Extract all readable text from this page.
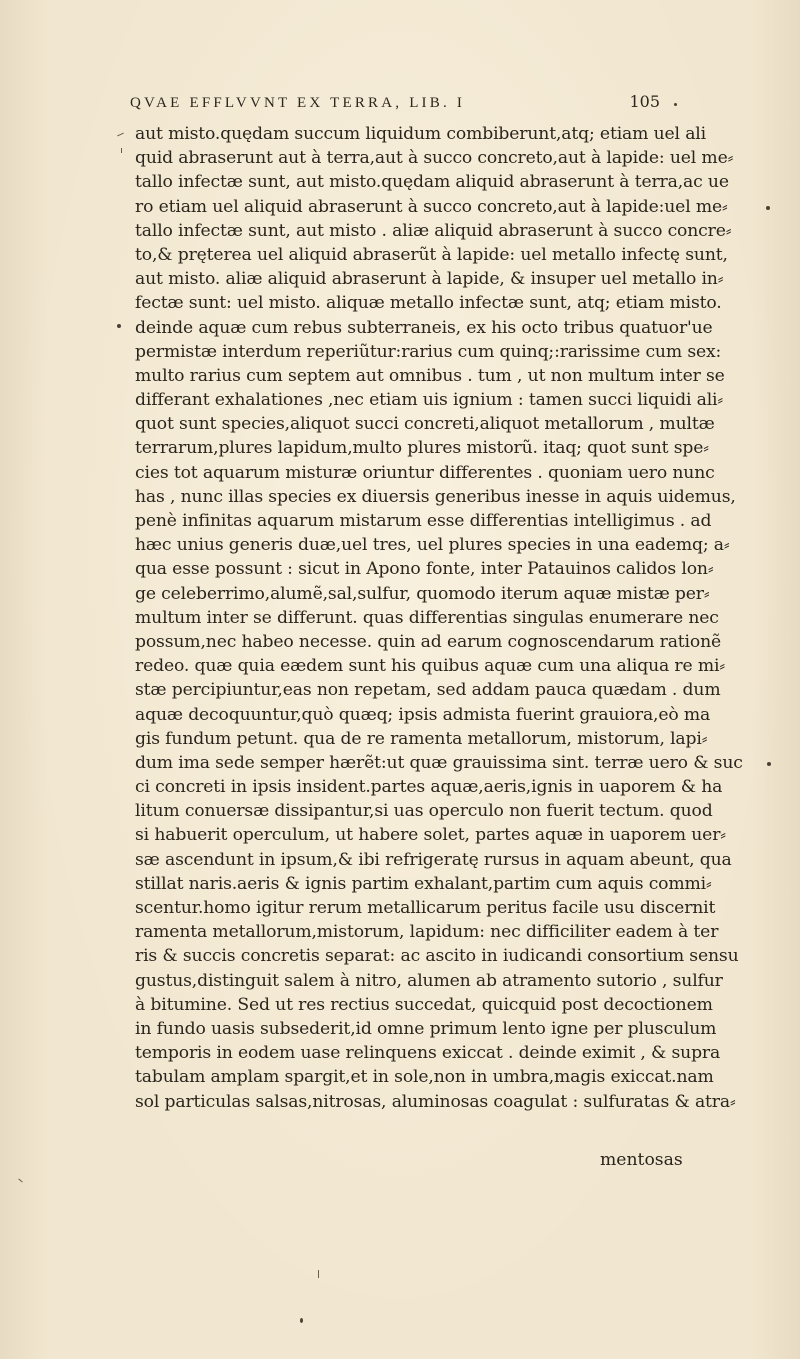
QVAE EFFLVVNT EX TERRA, LIB. I	105
aut misto.quędam succum liquidum combiberunt,atq; etiam uel ali
quid abraserunt aut à terra,aut à succo concreto,aut à lapide: uel me⸗
tallo infectæ sunt, aut misto.quędam aliquid abraserunt à terra,ac ue
ro etiam uel aliquid abraserunt à succo concreto,aut à lapide:uel me⸗
tallo infectæ sunt, aut misto . aliæ aliquid abraserunt à succo concre⸗
to,& pręterea uel aliquid abraserũt à lapide: uel metallo infectę sunt,
aut misto. aliæ aliquid abraserunt à lapide, & insuper uel metallo in⸗
fectæ sunt: uel misto. aliquæ metallo infectæ sunt, atq; etiam misto.
deinde aquæ cum rebus subterraneis, ex his octo tribus quatuor'ue
permistæ interdum reperiũtur:rarius cum quinq;:rarissime cum sex:
multo rarius cum septem aut omnibus . tum , ut non multum inter se
differant exhalationes ,nec etiam uis ignium : tamen succi liquidi ali⸗
quot sunt species,aliquot succi concreti,aliquot metallorum , multæ
terrarum,plures lapidum,multo plures mistorũ. itaq; quot sunt spe⸗
cies tot aquarum misturæ oriuntur differentes . quoniam uero nunc
has , nunc illas species ex diuersis generibus inesse in aquis uidemus,
penè infinitas aquarum mistarum esse differentias intelligimus . ad
hæc unius generis duæ,uel tres, uel plures species in una eademq; a⸗
qua esse possunt : sicut in Apono fonte, inter Patauinos calidos lon⸗
ge celeberrimo,alumẽ,sal,sulfur, quomodo iterum aquæ mistæ per⸗
multum inter se differunt. quas differentias singulas enumerare nec
possum,nec habeo necesse. quin ad earum cognoscendarum rationẽ
redeo. quæ quia eædem sunt his quibus aquæ cum una aliqua re mi⸗
stæ percipiuntur,eas non repetam, sed addam pauca quædam . dum
aquæ decoquuntur,quò quæq; ipsis admista fuerint grauiora,eò ma
gis fundum petunt. qua de re ramenta metallorum, mistorum, lapi⸗
dum ima sede semper hærẽt:ut quæ grauissima sint. terræ uero & suc
ci concreti in ipsis insident.partes aquæ,aeris,ignis in uaporem & ha
litum conuersæ dissipantur,si uas operculo non fuerit tectum. quod
si habuerit operculum, ut habere solet, partes aquæ in uaporem uer⸗
sæ ascendunt in ipsum,& ibi refrigeratę rursus in aquam abeunt, qua
stillat naris.aeris & ignis partim exhalant,partim cum aquis commi⸗
scentur.homo igitur rerum metallicarum peritus facile usu discernit
ramenta metallorum,mistorum, lapidum: nec difficiliter eadem à ter
ris & succis concretis separat: ac ascito in iudicandi consortium sensu
gustus,distinguit salem à nitro, alumen ab atramento sutorio , sulfur
à bitumine. Sed ut res rectius succedat, quicquid post decoctionem
in fundo uasis subsederit,id omne primum lento igne per plusculum
temporis in eodem uase relinquens exiccat . deinde eximit , & supra
tabulam amplam spargit,et in sole,non in umbra,magis exiccat.nam
sol particulas salsas,nitrosas, aluminosas coagulat : sulfuratas & atra⸗
mentosas
